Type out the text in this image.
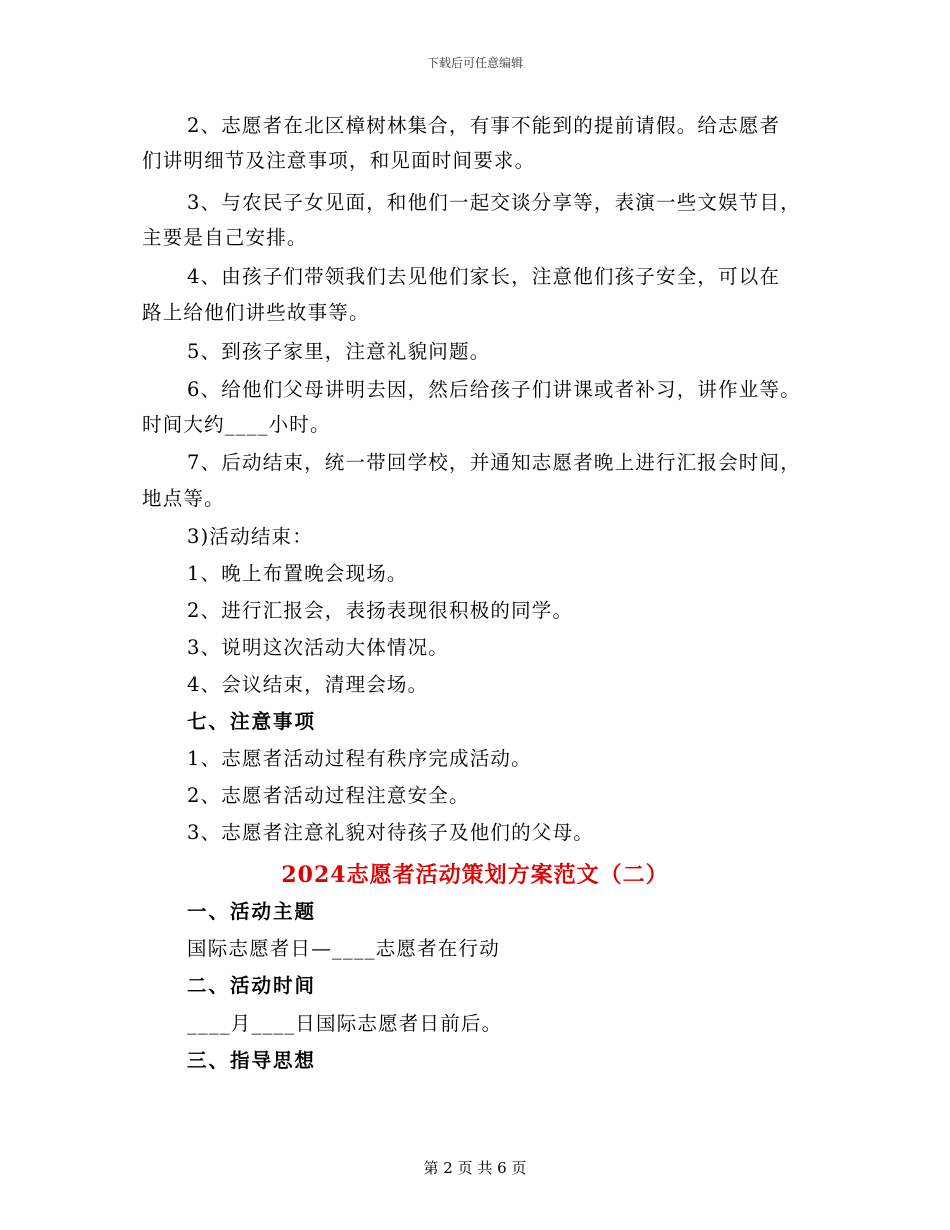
下载后可任意编辑
2、志愿者在北区樟树林集合，有事不能到的提前请假。给志愿者
们讲明细节及注意事项，和见面时间要求。
3、与农民子女见面，和他们一起交谈分享等，表演一些文娱节目，
主要是自己安排。
4、由孩子们带领我们去见他们家长，注意他们孩子安全，可以在
路上给他们讲些故事等。
5、到孩子家里，注意礼貌问题。
6、给他们父母讲明去因，然后给孩子们讲课或者补习，讲作业等。
时间大约____小时。
7、后动结束，统一带回学校，并通知志愿者晚上进行汇报会时间，
地点等。
3)活动结束：
1、晚上布置晚会现场。
2、进行汇报会，表扬表现很积极的同学。
3、说明这次活动大体情况。
4、会议结束，清理会场。
七、注意事项
1、志愿者活动过程有秩序完成活动。
2、志愿者活动过程注意安全。
3、志愿者注意礼貌对待孩子及他们的父母。
2024志愿者活动策划方案范文（二）
一、活动主题
国际志愿者日—____志愿者在行动
二、活动时间
____月____日国际志愿者日前后。
三、指导思想
第 2 页 共 6 页
